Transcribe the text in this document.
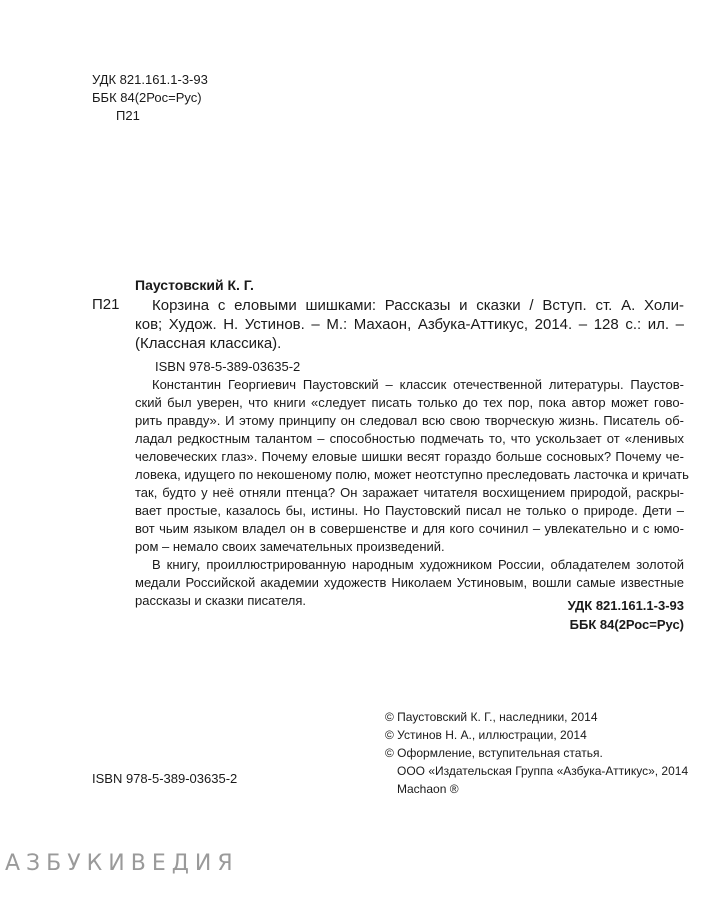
УДК 821.161.1-3-93
ББК 84(2Рос=Рус)
П21
Паустовский К. Г.
П21	Корзина с еловыми шишками: Рассказы и сказки / Вступ. ст. А. Холи-
ков; Худож. Н. Устинов. – М.: Махаон, Азбука-Аттикус, 2014. – 128 с.: ил. –
(Классная классика).
ISBN 978-5-389-03635-2
Константин Георгиевич Паустовский – классик отечественной литературы. Паустов-
ский был уверен, что книги «следует писать только до тех пор, пока автор может гово-
рить правду». И этому принципу он следовал всю свою творческую жизнь. Писатель об-
ладал редкостным талантом – способностью подмечать то, что ускользает от «ленивых
человеческих глаз». Почему еловые шишки весят гораздо больше сосновых? Почему че-
ловека, идущего по некошеному полю, может неотступно преследовать ласточка и кричать
так, будто у неё отняли птенца? Он заражает читателя восхищением природой, раскры-
вает простые, казалось бы, истины. Но Паустовский писал не только о природе. Дети –
вот чьим языком владел он в совершенстве и для кого сочинил – увлекательно и с юмо-
ром – немало своих замечательных произведений.
В книгу, проиллюстрированную народным художником России, обладателем золотой
медали Российской академии художеств Николаем Устиновым, вошли самые известные
рассказы и сказки писателя.	УДК 821.161.1-3-93
ББК 84(2Рос=Рус)
© Паустовский К. Г., наследники, 2014
© Устинов Н. А., иллюстрации, 2014
© Оформление, вступительная статья.
ООО «Издательская Группа «Азбука-Аттикус», 2014
Machaon ®
ISBN 978-5-389-03635-2
АЗБУКИВЕДИЯ
